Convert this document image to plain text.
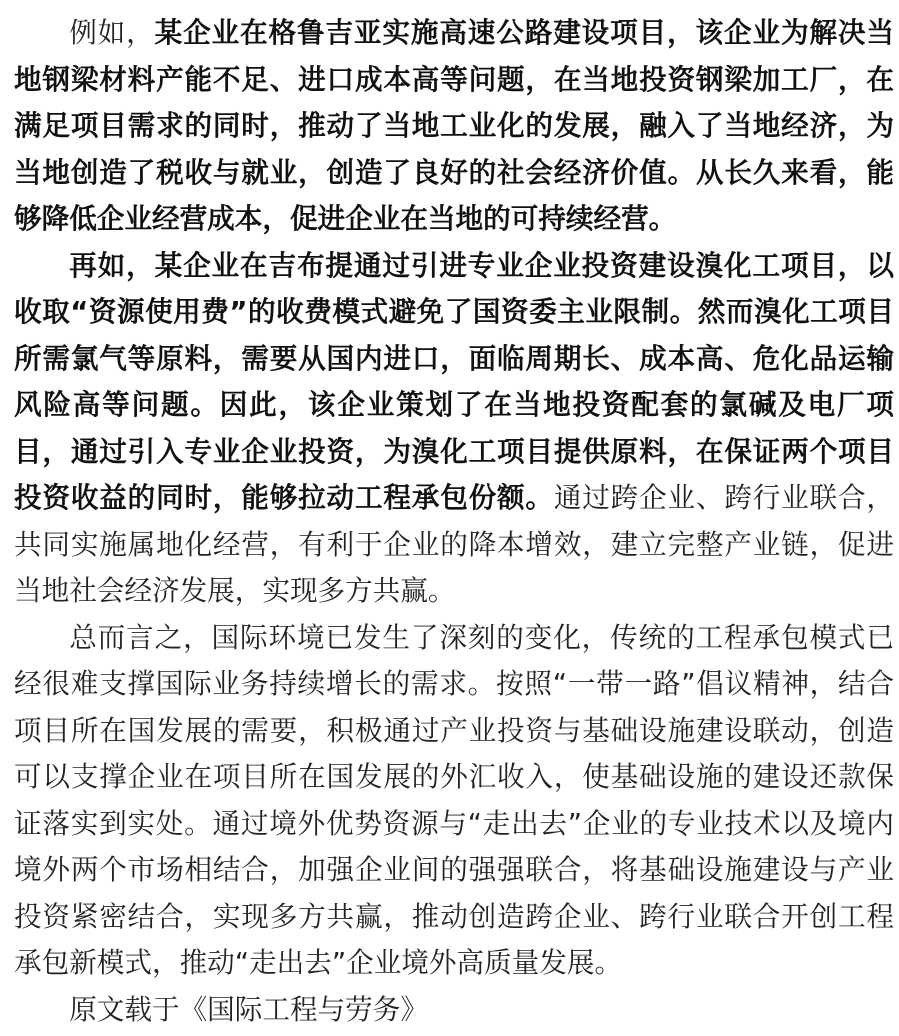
例如，某企业在格鲁吉亚实施高速公路建设项目，该企业为解决当地钢梁材料产能不足、进口成本高等问题，在当地投资钢梁加工厂，在满足项目需求的同时，推动了当地工业化的发展，融入了当地经济，为当地创造了税收与就业，创造了良好的社会经济价值。从长久来看，能够降低企业经营成本，促进企业在当地的可持续经营。

再如，某企业在吉布提通过引进专业企业投资建设溴化工项目，以收取“资源使用费”的收费模式避免了国资委主业限制。然而溴化工项目所需氯气等原料，需要从国内进口，面临周期长、成本高、危化品运输风险高等问题。因此，该企业策划了在当地投资配套的氯碱及电厂项目，通过引入专业企业投资，为溴化工项目提供原料，在保证两个项目投资收益的同时，能够拉动工程承包份额。通过跨企业、跨行业联合，共同实施属地化经营，有利于企业的降本增效，建立完整产业链，促进当地社会经济发展，实现多方共赢。

总而言之，国际环境已发生了深刻的变化，传统的工程承包模式已经很难支撑国际业务持续增长的需求。按照“一带一路”倡议精神，结合项目所在国发展的需要，积极通过产业投资与基础设施建设联动，创造可以支撑企业在项目所在国发展的外汇收入，使基础设施的建设还款保证落实到实处。通过境外优势资源与“走出去”企业的专业技术以及境内境外两个市场相结合，加强企业间的强强联合，将基础设施建设与产业投资紧密结合，实现多方共赢，推动创造跨企业、跨行业联合开创工程承包新模式，推动“走出去”企业境外高质量发展。

原文载于《国际工程与劳务》
